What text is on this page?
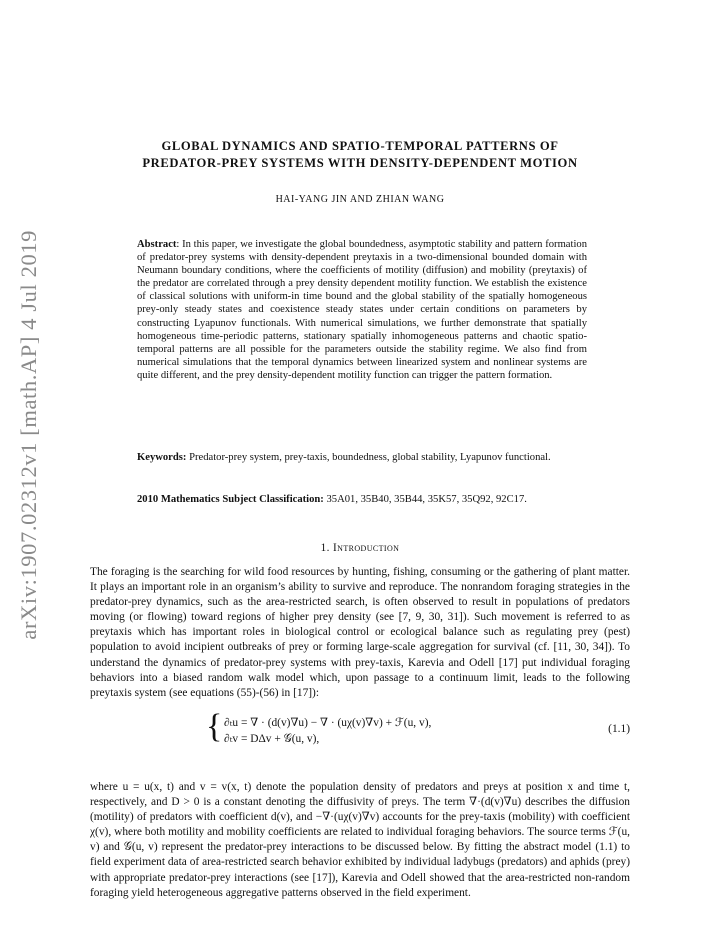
arXiv:1907.02312v1 [math.AP] 4 Jul 2019
GLOBAL DYNAMICS AND SPATIO-TEMPORAL PATTERNS OF
PREDATOR-PREY SYSTEMS WITH DENSITY-DEPENDENT MOTION
HAI-YANG JIN AND ZHIAN WANG
Abstract: In this paper, we investigate the global boundedness, asymptotic stability and pattern formation of predator-prey systems with density-dependent preytaxis in a two-dimensional bounded domain with Neumann boundary conditions, where the coefficients of motility (diffusion) and mobility (preytaxis) of the predator are correlated through a prey density dependent motility function. We establish the existence of classical solutions with uniform-in time bound and the global stability of the spatially homogeneous prey-only steady states and coexistence steady states under certain conditions on parameters by constructing Lyapunov functionals. With numerical simulations, we further demonstrate that spatially homogeneous time-periodic patterns, stationary spatially inhomogeneous patterns and chaotic spatio-temporal patterns are all possible for the parameters outside the stability regime. We also find from numerical simulations that the temporal dynamics between linearized system and nonlinear systems are quite different, and the prey density-dependent motility function can trigger the pattern formation.
Keywords: Predator-prey system, prey-taxis, boundedness, global stability, Lyapunov functional.
2010 Mathematics Subject Classification: 35A01, 35B40, 35B44, 35K57, 35Q92, 92C17.
1. Introduction
The foraging is the searching for wild food resources by hunting, fishing, consuming or the gathering of plant matter. It plays an important role in an organism’s ability to survive and reproduce. The nonrandom foraging strategies in the predator-prey dynamics, such as the area-restricted search, is often observed to result in populations of predators moving (or flowing) toward regions of higher prey density (see [7, 9, 30, 31]). Such movement is referred to as preytaxis which has important roles in biological control or ecological balance such as regulating prey (pest) population to avoid incipient outbreaks of prey or forming large-scale aggregation for survival (cf. [11, 30, 34]). To understand the dynamics of predator-prey systems with prey-taxis, Karevia and Odell [17] put individual foraging behaviors into a biased random walk model which, upon passage to a continuum limit, leads to the following preytaxis system (see equations (55)-(56) in [17]):
{ ∂ₜu = ∇ · (d(v)∇u) − ∇ · (uχ(v)∇v) + ℱ(u, v),
∂ₜv = DΔv + 𝒢(u, v),
(1.1)
where u = u(x, t) and v = v(x, t) denote the population density of predators and preys at position x and time t, respectively, and D > 0 is a constant denoting the diffusivity of preys. The term ∇·(d(v)∇u) describes the diffusion (motility) of predators with coefficient d(v), and −∇·(uχ(v)∇v) accounts for the prey-taxis (mobility) with coefficient χ(v), where both motility and mobility coefficients are related to individual foraging behaviors. The source terms ℱ(u, v) and 𝒢(u, v) represent the predator-prey interactions to be discussed below. By fitting the abstract model (1.1) to field experiment data of area-restricted search behavior exhibited by individual ladybugs (predators) and aphids (prey) with appropriate predator-prey interactions (see [17]), Karevia and Odell showed that the area-restricted non-random foraging yield heterogeneous aggregative patterns observed in the field experiment.
